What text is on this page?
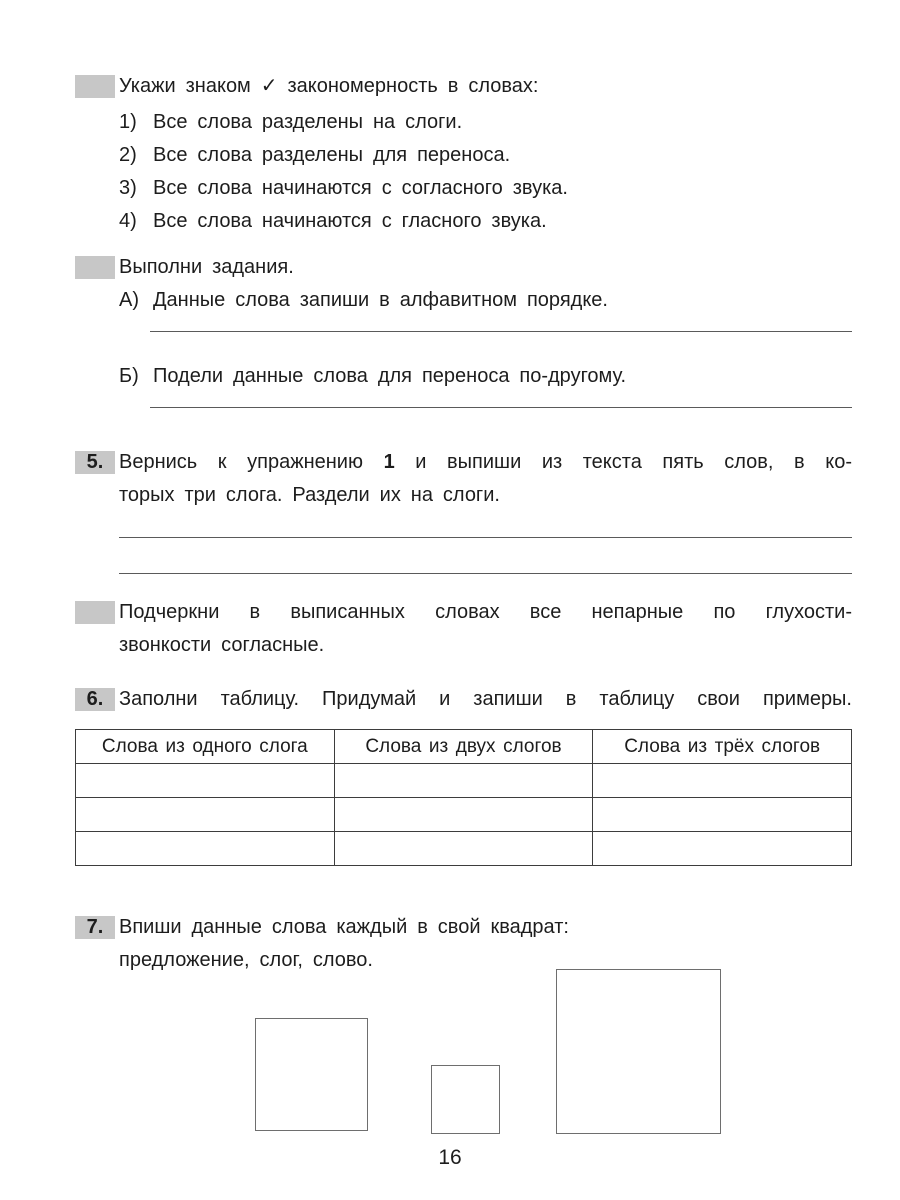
Укажи знаком ✓ закономерность в словах:

1) Все слова разделены на слоги.
2) Все слова разделены для переноса.
3) Все слова начинаются с согласного звука.
4) Все слова начинаются с гласного звука.

Выполни задания.

А) Данные слова запиши в алфавитном порядке.
Б) Подели данные слова для переноса по-другому.
5. Вернись к упражнению 1 и выпиши из текста пять слов, в ко-

торых три слога. Раздели их на слоги.

Подчеркни в выписанных словах все непарные по глухости-

звонкости согласные.

6. Заполни таблицу. Придумай и запиши в таблицу свои примеры.

Слова из одного слога	Слова из двух слогов	Слова из трёх слогов

7. Впиши данные слова каждый в свой квадрат:

предложение, слог, слово.

16
